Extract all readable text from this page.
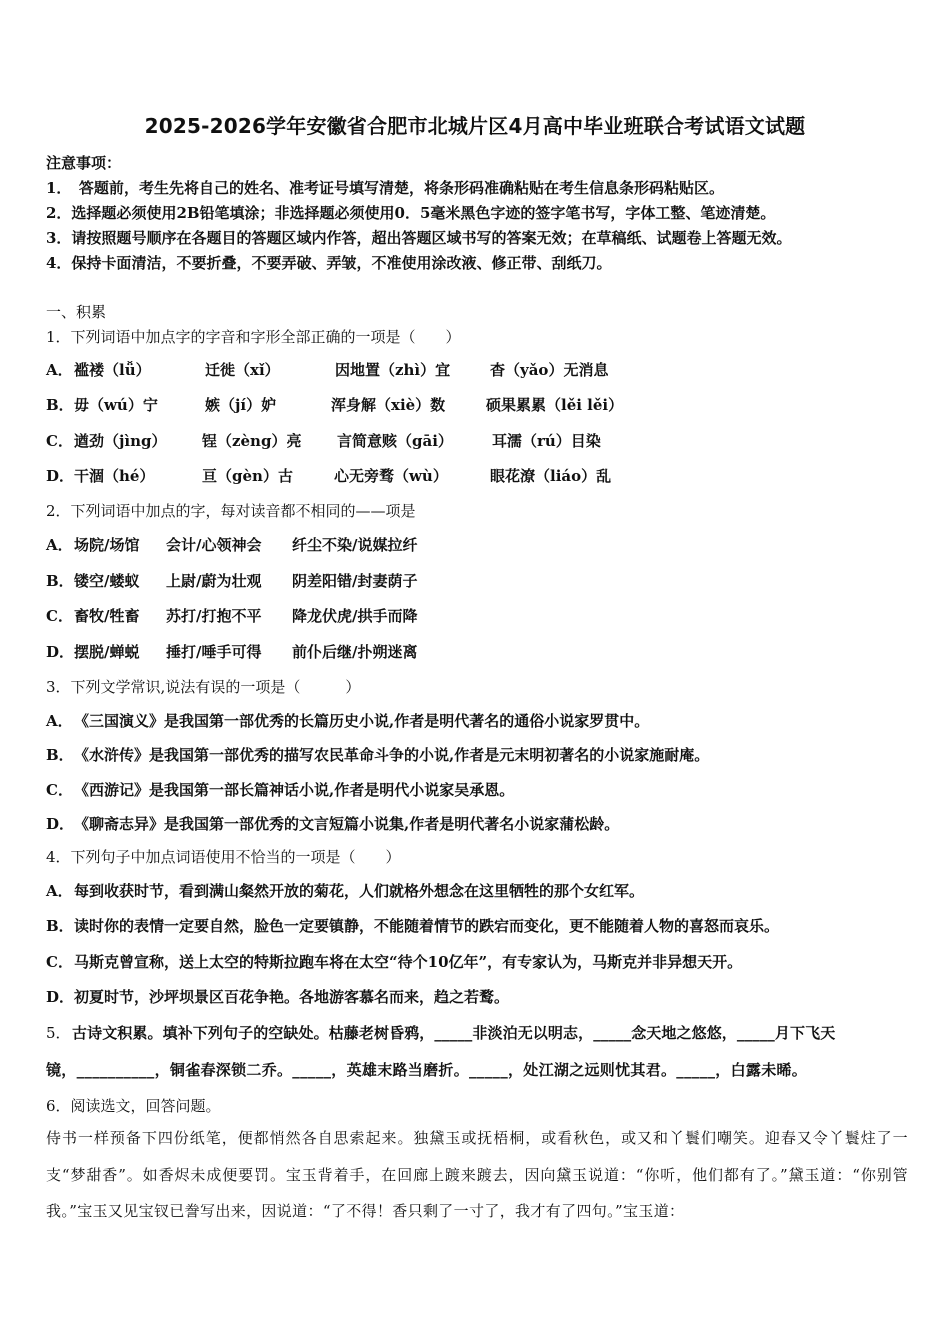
2025-2026学年安徽省合肥市北城片区4月高中毕业班联合考试语文试题
注意事项：
1．　答题前，考生先将自己的姓名、准考证号填写清楚，将条形码准确粘贴在考生信息条形码粘贴区。
2．选择题必须使用2B铅笔填涂；非选择题必须使用0．5毫米黑色字迹的签字笔书写，字体工整、笔迹清楚。
3．请按照题号顺序在各题目的答题区域内作答，超出答题区域书写的答案无效；在草稿纸、试题卷上答题无效。
4．保持卡面清洁，不要折叠，不要弄破、弄皱，不准使用涂改液、修正带、刮纸刀。
一、积累
1．下列词语中加点字的字音和字形全部正确的一项是（　　）
A． 褴褛（lǚ）	迁徙（xǐ）	因地置（zhì）宜	杳（yǎo）无消息
B． 毋（wú）宁	嫉（jí）妒	浑身解（xiè）数	硕果累累（lěi lěi）
C． 遒劲（jìng） 锃（zèng）亮 言简意赅（gāi）	耳濡（rú）目染
D． 干涸（hé）	亘（gèn）古	心无旁骛（wù）	眼花潦（liáo）乱
2．下列词语中加点的字，每对读音都不相同的——项是
A． 场院/场馆 会计/心领神会 纤尘不染/说媒拉纤
B． 镂空/蝼蚁 上尉/蔚为壮观 阴差阳错/封妻荫子
C． 畜牧/牲畜 苏打/打抱不平 降龙伏虎/拱手而降
D． 摆脱/蝉蜕 捶打/唾手可得 前仆后继/扑朔迷离
3．下列文学常识,说法有误的一项是（　　　）
A． 《三国演义》是我国第一部优秀的长篇历史小说,作者是明代著名的通俗小说家罗贯中。
B． 《水浒传》是我国第一部优秀的描写农民革命斗争的小说,作者是元末明初著名的小说家施耐庵。
C． 《西游记》是我国第一部长篇神话小说,作者是明代小说家吴承恩。
D． 《聊斋志异》是我国第一部优秀的文言短篇小说集,作者是明代著名小说家蒲松龄。
4．下列句子中加点词语使用不恰当的一项是（　　）
A． 每到收获时节，看到满山粲然开放的菊花，人们就格外想念在这里牺牲的那个女红军。
B． 读时你的表情一定要自然，脸色一定要镇静，不能随着情节的跌宕而变化，更不能随着人物的喜怒而哀乐。
C． 马斯克曾宣称，送上太空的特斯拉跑车将在太空“待个10亿年”，有专家认为，马斯克并非异想天开。
D． 初夏时节，沙坪坝景区百花争艳。各地游客慕名而来，趋之若鹜。
5． 古诗文积累。填补下列句子的空缺处。枯藤老树昏鸦，_____非淡泊无以明志，_____念天地之悠悠，_____月下飞天
镜，__________，铜雀春深锁二乔。_____，英雄末路当磨折。_____，处江湖之远则忧其君。_____，白露未晞。
6．阅读选文，回答问题。
侍书一样预备下四份纸笔，便都悄然各自思索起来。独黛玉或抚梧桐，或看秋色，或又和丫鬟们嘲笑。迎春又令丫鬟炷了一支“梦甜香”。如香烬未成便要罚。宝玉背着手，在回廊上踱来踱去，因向黛玉说道：“你听，他们都有了。”黛玉道：“你别管我。”宝玉又见宝钗已誊写出来，因说道：“了不得！香只剩了一寸了，我才有了四句。”宝玉道：
